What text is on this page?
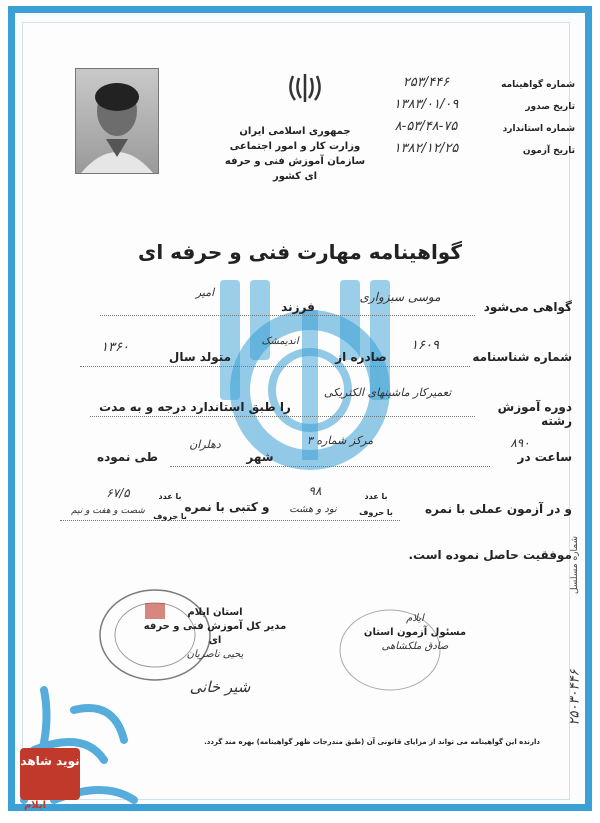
جمهوری اسلامی ایران
وزارت کار و امور اجتماعی
سازمان آموزش فنی و حرفه ای کشور
شماره گواهینامه
تاریخ صدور
شماره استاندارد
تاریخ آزمون
۲۵۳/۴۴۶
۱۳۸۳/۰۱/۰۹
۸-۵۳/۴۸-۷۵
۱۳۸۲/۱۲/۲۵
گواهینامه مهارت فنی و حرفه ای
گواهی می‌شود
موسی سبزواری
فرزند
امیر
شماره شناسنامه
۱۶۰۹
صادره از
اندیمشک
متولد سال
۱۳۶۰
دوره آموزش رشته
تعمیرکار ماشینهای الکتریکی
را طبق استاندارد درجه و به مدت
۸۹۰
ساعت در
مرکز شماره ۳
شهر
دهلران
طی نموده
و در آزمون عملی با نمره
با عدد
با حروف
۹۸
نود و هشت
و کتبی با نمره
با عدد
با حروف
۶۷/۵
شصت و هفت و نیم
موفقیت حاصل نموده است.
استان ایلام
مدیر کل آموزش فنی و حرفه ای
یحیی ناصریان
شیر خانی
ایلام
مسئول آزمون استان
صادق ملکشاهی
دارنده این گواهینامه می تواند از مزایای قانونی آن (طبق مندرجات ظهر گواهینامه) بهره مند گردد.
شماره مسلسل
۲۵۰۳۰۴۴۶
نوید شاهد
ایلام
